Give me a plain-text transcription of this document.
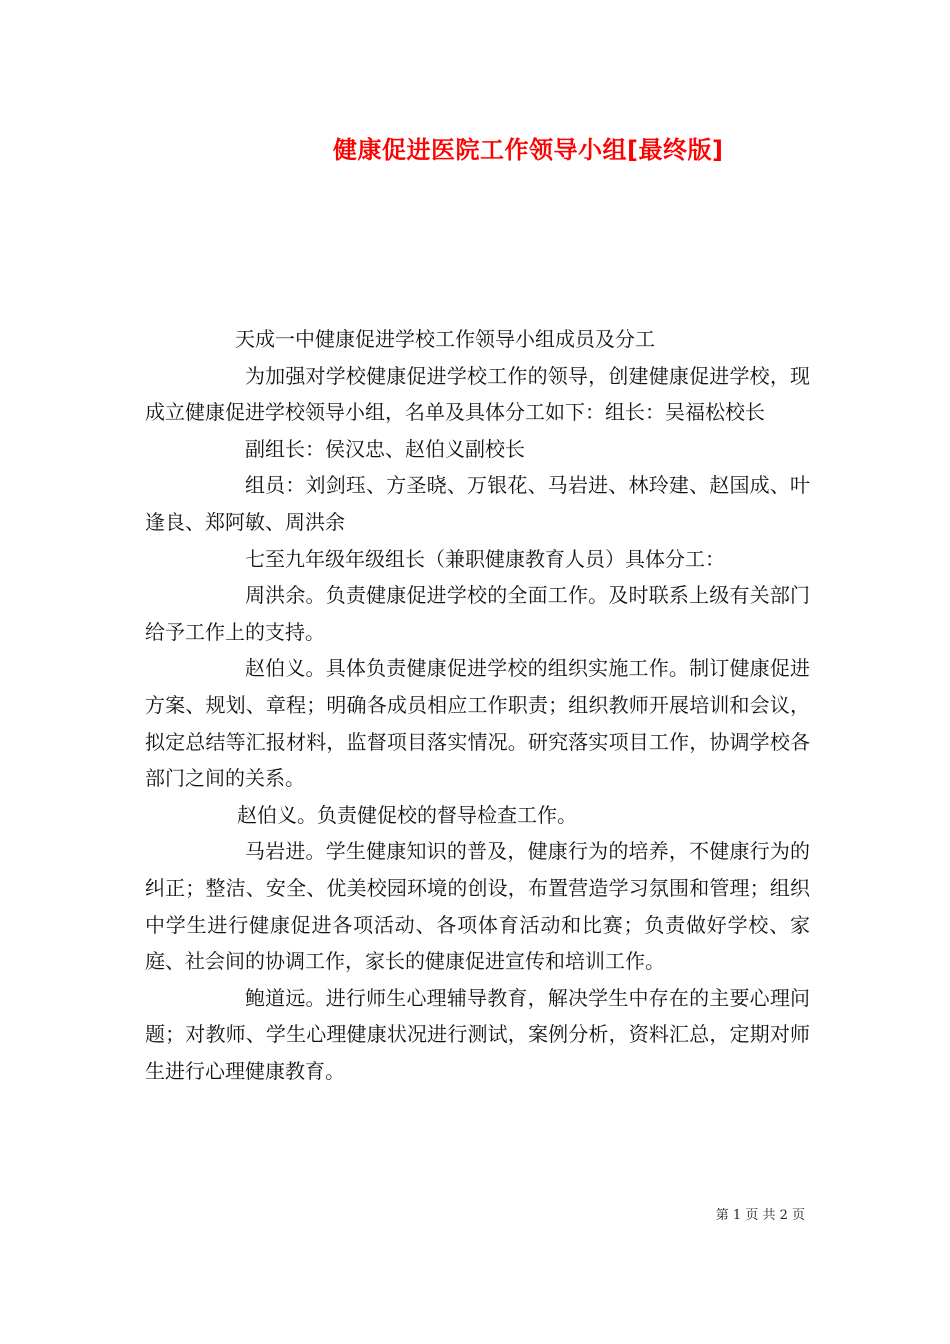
健康促进医院工作领导小组[最终版]

天成一中健康促进学校工作领导小组成员及分工

为加强对学校健康促进学校工作的领导，创建健康促进学校，现成立健康促进学校领导小组，名单及具体分工如下：组长：吴福松校长

副组长：侯汉忠、赵伯义副校长

组员：刘剑珏、方圣晓、万银花、马岩进、林玲建、赵国成、叶逢良、郑阿敏、周洪余

七至九年级年级组长（兼职健康教育人员）具体分工：

周洪余。负责健康促进学校的全面工作。及时联系上级有关部门给予工作上的支持。

赵伯义。具体负责健康促进学校的组织实施工作。制订健康促进方案、规划、章程；明确各成员相应工作职责；组织教师开展培训和会议，拟定总结等汇报材料，监督项目落实情况。研究落实项目工作，协调学校各部门之间的关系。

赵伯义。负责健促校的督导检查工作。

马岩进。学生健康知识的普及，健康行为的培养，不健康行为的纠正；整洁、安全、优美校园环境的创设，布置营造学习氛围和管理；组织中学生进行健康促进各项活动、各项体育活动和比赛；负责做好学校、家庭、社会间的协调工作，家长的健康促进宣传和培训工作。

鲍道远。进行师生心理辅导教育，解决学生中存在的主要心理问题；对教师、学生心理健康状况进行测试，案例分析，资料汇总，定期对师生进行心理健康教育。

第 1 页 共 2 页
